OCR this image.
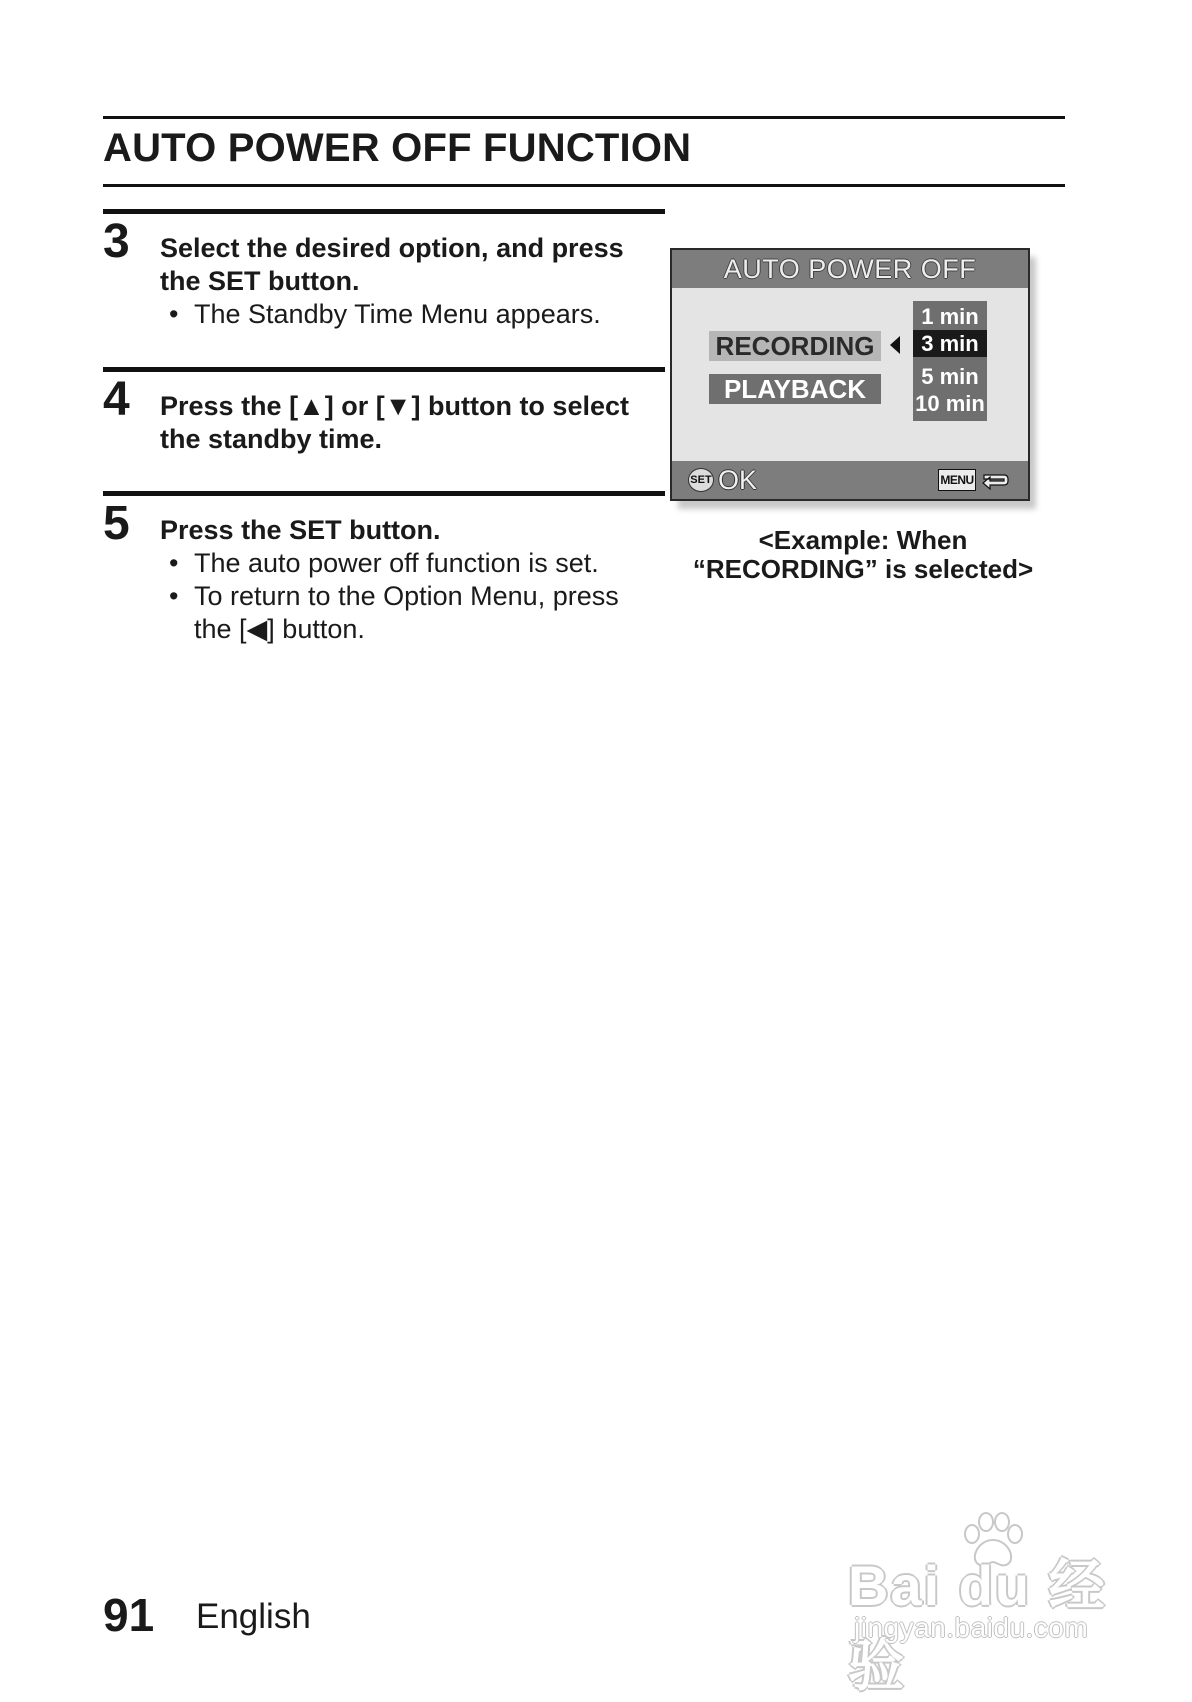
AUTO POWER OFF FUNCTION
3 Select the desired option, and press the SET button.
• The Standby Time Menu appears.
4 Press the [▲] or [▼] button to select the standby time.
5 Press the SET button.
• The auto power off function is set.
• To return to the Option Menu, press the [◀] button.
AUTO POWER OFF
RECORDING
PLAYBACK
1 min
3 min
5 min
10 min
SET OK	MENU
<Example: When
“RECORDING” is selected>
91 English	Bai du 经验
jingyan.baidu.com
